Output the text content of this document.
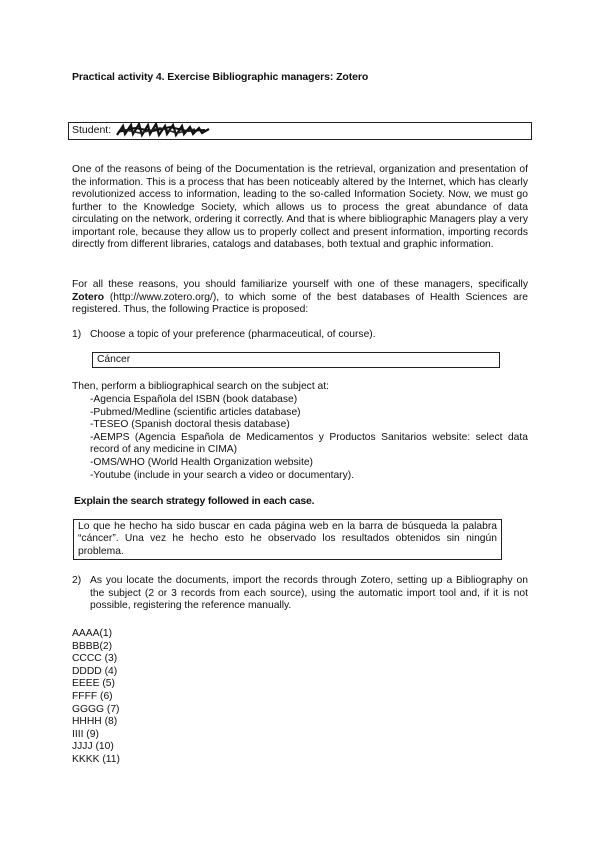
Practical activity 4. Exercise Bibliographic managers: Zotero
Student:
One of the reasons of being of the Documentation is the retrieval, organization and presentation of the information. This is a process that has been noticeably altered by the Internet, which has clearly revolutionized access to information, leading to the so-called Information Society. Now, we must go further to the Knowledge Society, which allows us to process the great abundance of data circulating on the network, ordering it correctly. And that is where bibliographic Managers play a very important role, because they allow us to properly collect and present information, importing records directly from different libraries, catalogs and databases, both textual and graphic information.
For all these reasons, you should familiarize yourself with one of these managers, specifically Zotero (http://www.zotero.org/), to which some of the best databases of Health Sciences are registered. Thus, the following Practice is proposed:
1) Choose a topic of your preference (pharmaceutical, of course).
Cáncer
Then, perform a bibliographical search on the subject at:
-Agencia Española del ISBN (book database)
-Pubmed/Medline (scientific articles database)
-TESEO (Spanish doctoral thesis database)
-AEMPS (Agencia Española de Medicamentos y Productos Sanitarios website: select data record of any medicine in CIMA)
-OMS/WHO (World Health Organization website)
-Youtube (include in your search a video or documentary).
Explain the search strategy followed in each case.
Lo que he hecho ha sido buscar en cada página web en la barra de búsqueda la palabra “cáncer”. Una vez he hecho esto he observado los resultados obtenidos sin ningún problema.
2) As you locate the documents, import the records through Zotero, setting up a Bibliography on the subject (2 or 3 records from each source), using the automatic import tool and, if it is not possible, registering the reference manually.
AAAA(1)
BBBB(2)
CCCC (3)
DDDD (4)
EEEE (5)
FFFF (6)
GGGG (7)
HHHH (8)
IIII (9)
JJJJ (10)
KKKK (11)
